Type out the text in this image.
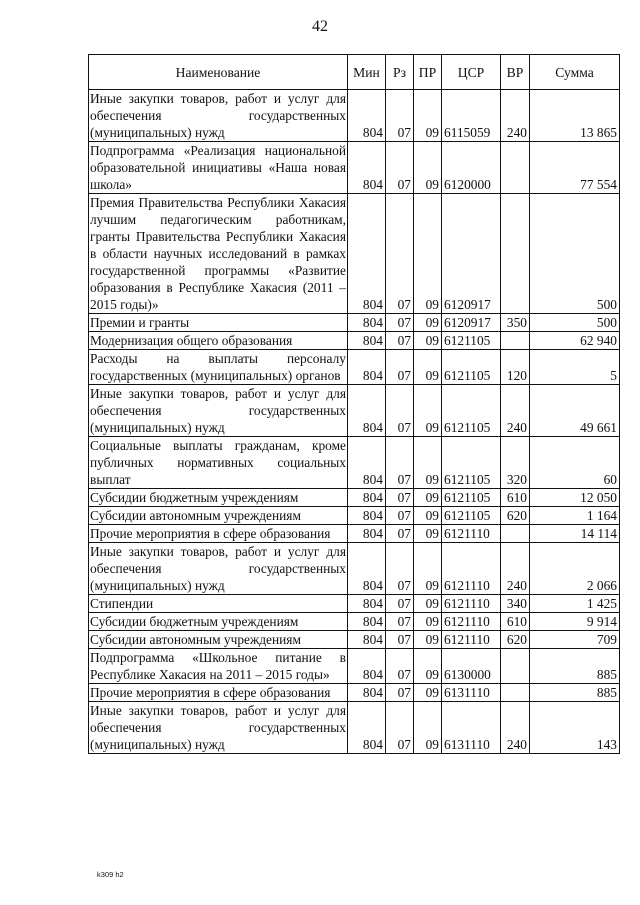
42
Наименование	Мин	Рз	ПР	ЦСР	ВР	Сумма
Иные закупки товаров, работ и услуг для обеспечения государственных (муниципальных) нужд	804	07	09	6115059	240	13 865
Подпрограмма «Реализация национальной образовательной инициативы «Наша новая школа»	804	07	09	6120000		77 554
Премия Правительства Республики Хакасия лучшим педагогическим работникам, гранты Правительства Республики Хакасия в области научных исследований в рамках государственной программы «Развитие образования в Республике Хакасия (2011 – 2015 годы)»	804	07	09	6120917		500
Премии и гранты	804	07	09	6120917	350	500
Модернизация общего образования	804	07	09	6121105		62 940
Расходы на выплаты персоналу государственных (муниципальных) органов	804	07	09	6121105	120	5
Иные закупки товаров, работ и услуг для обеспечения государственных (муниципальных) нужд	804	07	09	6121105	240	49 661
Социальные выплаты гражданам, кроме публичных нормативных социальных выплат	804	07	09	6121105	320	60
Субсидии бюджетным учреждениям	804	07	09	6121105	610	12 050
Субсидии автономным учреждениям	804	07	09	6121105	620	1 164
Прочие мероприятия в сфере образования	804	07	09	6121110		14 114
Иные закупки товаров, работ и услуг для обеспечения государственных (муниципальных) нужд	804	07	09	6121110	240	2 066
Стипендии	804	07	09	6121110	340	1 425
Субсидии бюджетным учреждениям	804	07	09	6121110	610	9 914
Субсидии автономным учреждениям	804	07	09	6121110	620	709
Подпрограмма «Школьное питание в Республике Хакасия на 2011 – 2015 годы»	804	07	09	6130000		885
Прочие мероприятия в сфере образования	804	07	09	6131110		885
Иные закупки товаров, работ и услуг для обеспечения государственных (муниципальных) нужд	804	07	09	6131110	240	143
k309 h2
